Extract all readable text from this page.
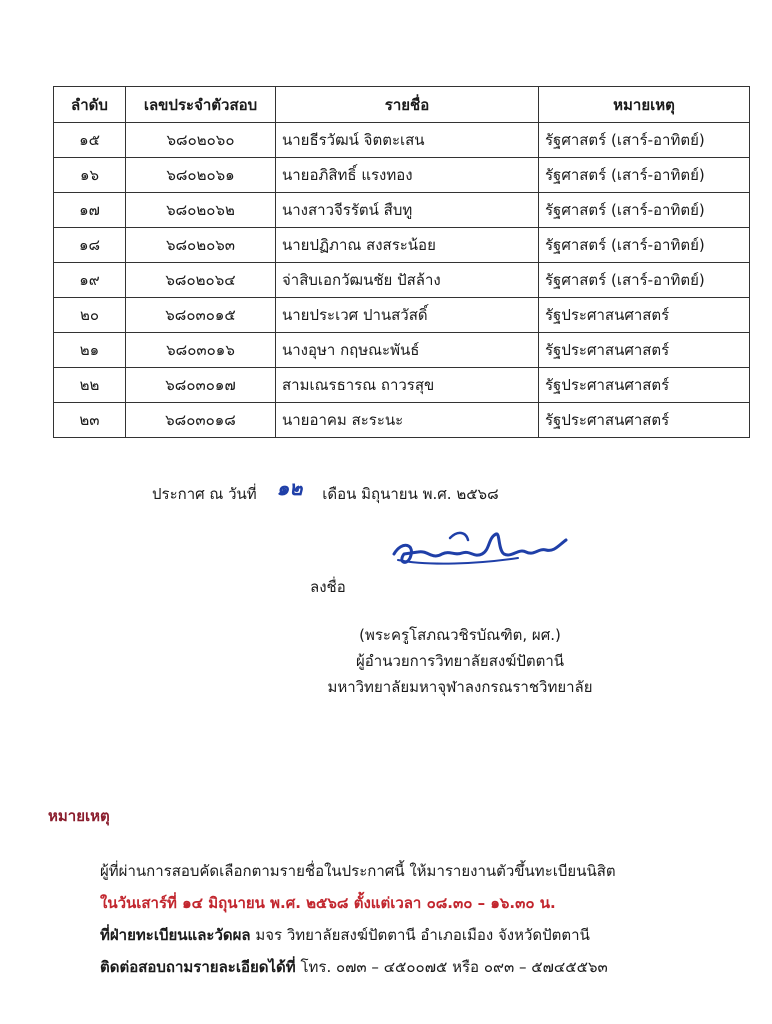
ลำดับ	เลขประจำตัวสอบ	รายชื่อ	หมายเหตุ
๑๕	๖๘๐๒๐๖๐	นายธีรวัฒน์ จิตตะเสน	รัฐศาสตร์ (เสาร์-อาทิตย์)
๑๖	๖๘๐๒๐๖๑	นายอภิสิทธิ์ แรงทอง	รัฐศาสตร์ (เสาร์-อาทิตย์)
๑๗	๖๘๐๒๐๖๒	นางสาวจีรรัตน์ สืบทู	รัฐศาสตร์ (เสาร์-อาทิตย์)
๑๘	๖๘๐๒๐๖๓	นายปฏิภาณ สงสระน้อย	รัฐศาสตร์ (เสาร์-อาทิตย์)
๑๙	๖๘๐๒๐๖๔	จ่าสิบเอกวัฒนชัย ปัสล้าง	รัฐศาสตร์ (เสาร์-อาทิตย์)
๒๐	๖๘๐๓๐๑๕	นายประเวศ ปานสวัสดิ์	รัฐประศาสนศาสตร์
๒๑	๖๘๐๓๐๑๖	นางอุษา กฤษณะพันธ์	รัฐประศาสนศาสตร์
๒๒	๖๘๐๓๐๑๗	สามเณรธารณ ถาวรสุข	รัฐประศาสนศาสตร์
๒๓	๖๘๐๓๐๑๘	นายอาคม สะระนะ	รัฐประศาสนศาสตร์
ประกาศ ณ วันที่ ๑๒ เดือน มิถุนายน พ.ศ. ๒๕๖๘
ลงชื่อ
(พระครูโสภณวชิรบัณฑิต, ผศ.)
ผู้อำนวยการวิทยาลัยสงฆ์ปัตตานี
มหาวิทยาลัยมหาจุฬาลงกรณราชวิทยาลัย
หมายเหตุ
ผู้ที่ผ่านการสอบคัดเลือกตามรายชื่อในประกาศนี้ ให้มารายงานตัวขึ้นทะเบียนนิสิต
ในวันเสาร์ที่ ๑๔ มิถุนายน พ.ศ. ๒๕๖๘ ตั้งแต่เวลา ๐๘.๓๐ – ๑๖.๓๐ น.
ที่ฝ่ายทะเบียนและวัดผล มจร วิทยาลัยสงฆ์ปัตตานี อำเภอเมือง จังหวัดปัตตานี
ติดต่อสอบถามรายละเอียดได้ที่ โทร. ๐๗๓ – ๔๕๐๐๗๕ หรือ ๐๙๓ – ๕๗๔๕๕๖๓
